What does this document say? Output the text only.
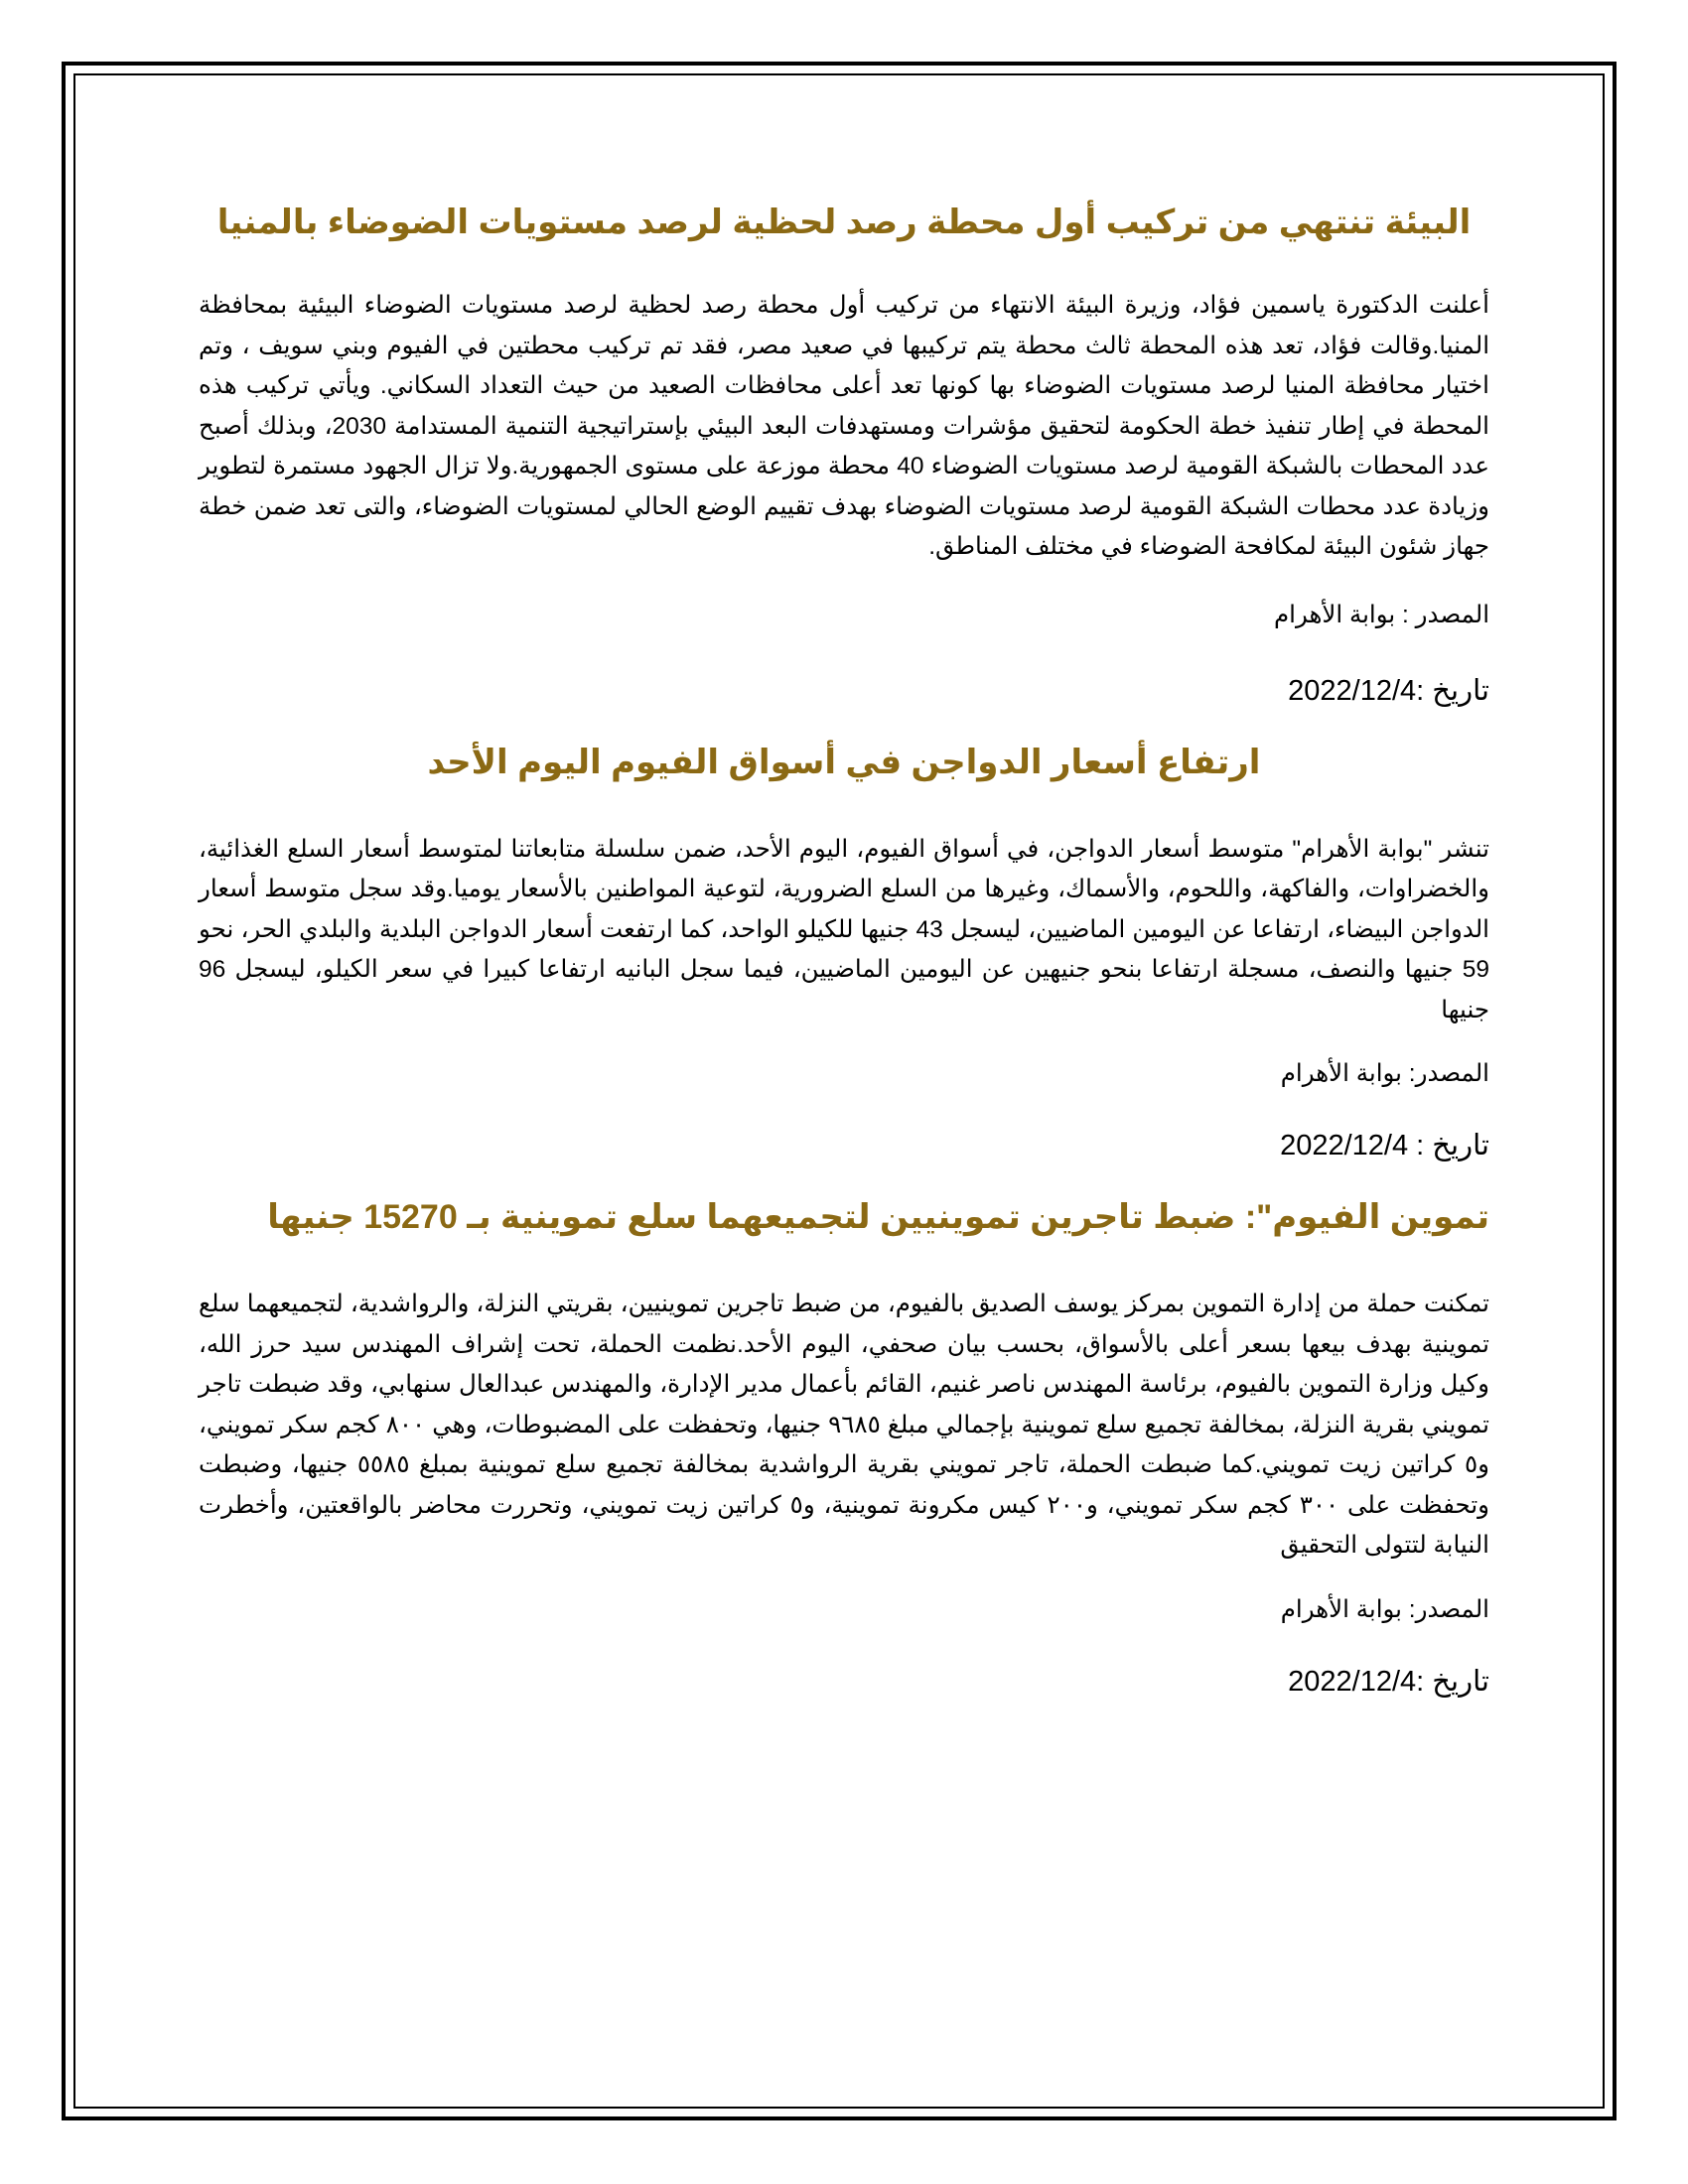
البيئة تنتهي من تركيب أول محطة رصد لحظية لرصد مستويات الضوضاء بالمنيا

أعلنت الدكتورة ياسمين فؤاد، وزيرة البيئة الانتهاء من تركيب أول محطة رصد لحظية لرصد مستويات الضوضاء البيئية بمحافظة المنيا.وقالت فؤاد، تعد هذه المحطة ثالث محطة يتم تركيبها في صعيد مصر، فقد تم تركيب محطتين في الفيوم وبني سويف ، وتم اختيار محافظة المنيا لرصد مستويات الضوضاء بها كونها تعد أعلى محافظات الصعيد من حيث التعداد السكاني. ويأتي تركيب هذه المحطة في إطار تنفيذ خطة الحكومة لتحقيق مؤشرات ومستهدفات البعد البيئي بإستراتيجية التنمية المستدامة 2030، وبذلك أصبح عدد المحطات بالشبكة القومية لرصد مستويات الضوضاء 40 محطة موزعة على مستوى الجمهورية.ولا تزال الجهود مستمرة لتطوير وزيادة عدد محطات الشبكة القومية لرصد مستويات الضوضاء بهدف تقييم الوضع الحالي لمستويات الضوضاء، والتى تعد ضمن خطة جهاز شئون البيئة لمكافحة الضوضاء في مختلف المناطق.

المصدر : بوابة الأهرام

تاريخ :2022/12/4

ارتفاع أسعار الدواجن في أسواق الفيوم اليوم الأحد

تنشر "بوابة الأهرام" متوسط أسعار الدواجن، في أسواق الفيوم، اليوم الأحد، ضمن سلسلة متابعاتنا لمتوسط أسعار السلع الغذائية، والخضراوات، والفاكهة، واللحوم، والأسماك، وغيرها من السلع الضرورية، لتوعية المواطنين بالأسعار يوميا.وقد سجل متوسط أسعار الدواجن البيضاء، ارتفاعا عن اليومين الماضيين، ليسجل 43 جنيها للكيلو الواحد، كما ارتفعت أسعار الدواجن البلدية والبلدي الحر، نحو 59 جنيها والنصف، مسجلة ارتفاعا بنحو جنيهين عن اليومين الماضيين، فيما سجل البانيه ارتفاعا كبيرا في سعر الكيلو، ليسجل 96 جنيها

المصدر: بوابة الأهرام

تاريخ : 2022/12/4

تموين الفيوم": ضبط تاجرين تموينيين لتجميعهما سلع تموينية بـ 15270 جنيها

تمكنت حملة من إدارة التموين بمركز يوسف الصديق بالفيوم، من ضبط تاجرين تموينيين، بقريتي النزلة، والرواشدية، لتجميعهما سلع تموينية بهدف بيعها بسعر أعلى بالأسواق، بحسب بيان صحفي، اليوم الأحد.نظمت الحملة، تحت إشراف المهندس سيد حرز الله، وكيل وزارة التموين بالفيوم، برئاسة المهندس ناصر غنيم، القائم بأعمال مدير الإدارة، والمهندس عبدالعال سنهابي، وقد ضبطت تاجر تمويني بقرية النزلة، بمخالفة تجميع سلع تموينية بإجمالي مبلغ ٩٦٨٥ جنيها، وتحفظت على المضبوطات، وهي ٨٠٠ كجم سكر تمويني، و٥ كراتين زيت تمويني.كما ضبطت الحملة، تاجر تمويني بقرية الرواشدية بمخالفة تجميع سلع تموينية بمبلغ ٥٥٨٥ جنيها، وضبطت وتحفظت على ٣٠٠ كجم سكر تمويني، و٢٠٠ كيس مكرونة تموينية، و٥ كراتين زيت تمويني، وتحررت محاضر بالواقعتين، وأخطرت النيابة لتتولى التحقيق

المصدر: بوابة الأهرام

تاريخ :2022/12/4
